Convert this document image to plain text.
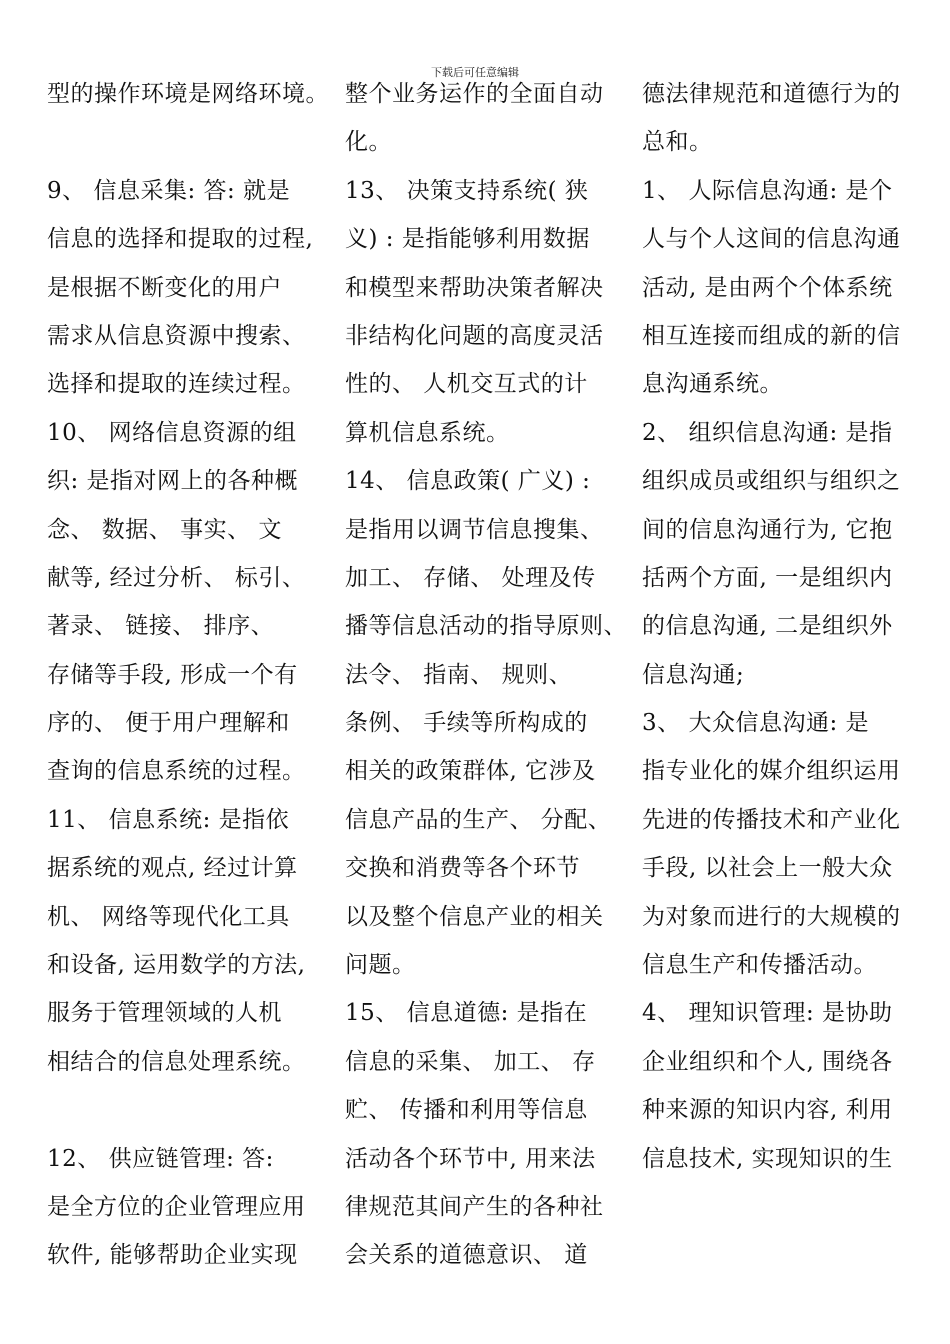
下载后可任意编辑
型的操作环境是网络环境。
9、 信息采集: 答: 就是
信息的选择和提取的过程,
是根据不断变化的用户
需求从信息资源中搜索、
选择和提取的连续过程。
10、 网络信息资源的组
织: 是指对网上的各种概
念、 数据、 事实、 文
献等, 经过分析、 标引、
著录、 链接、 排序、
存储等手段, 形成一个有
序的、 便于用户理解和
查询的信息系统的过程。
11、 信息系统: 是指依
据系统的观点, 经过计算
机、 网络等现代化工具
和设备, 运用数学的方法,
服务于管理领域的人机
相结合的信息处理系统。
12、 供应链管理: 答:
是全方位的企业管理应用
软件, 能够帮助企业实现
整个业务运作的全面自动
化。
13、 决策支持系统( 狭
义) : 是指能够利用数据
和模型来帮助决策者解决
非结构化问题的高度灵活
性的、 人机交互式的计
算机信息系统。
14、 信息政策( 广义) :
是指用以调节信息搜集、
加工、 存储、 处理及传
播等信息活动的指导原则、
法令、 指南、 规则、
条例、 手续等所构成的
相关的政策群体, 它涉及
信息产品的生产、 分配、
交换和消费等各个环节
以及整个信息产业的相关
问题。
15、 信息道德: 是指在
信息的采集、 加工、 存
贮、 传播和利用等信息
活动各个环节中, 用来法
律规范其间产生的各种社
会关系的道德意识、 道
德法律规范和道德行为的
总和。
1、 人际信息沟通: 是个
人与个人这间的信息沟通
活动, 是由两个个体系统
相互连接而组成的新的信
息沟通系统。
2、 组织信息沟通: 是指
组织成员或组织与组织之
间的信息沟通行为, 它抱
括两个方面, 一是组织内
的信息沟通, 二是组织外
信息沟通;
3、 大众信息沟通: 是
指专业化的媒介组织运用
先进的传播技术和产业化
手段, 以社会上一般大众
为对象而进行的大规模的
信息生产和传播活动。
4、 理知识管理: 是协助
企业组织和个人, 围绕各
种来源的知识内容, 利用
信息技术, 实现知识的生
